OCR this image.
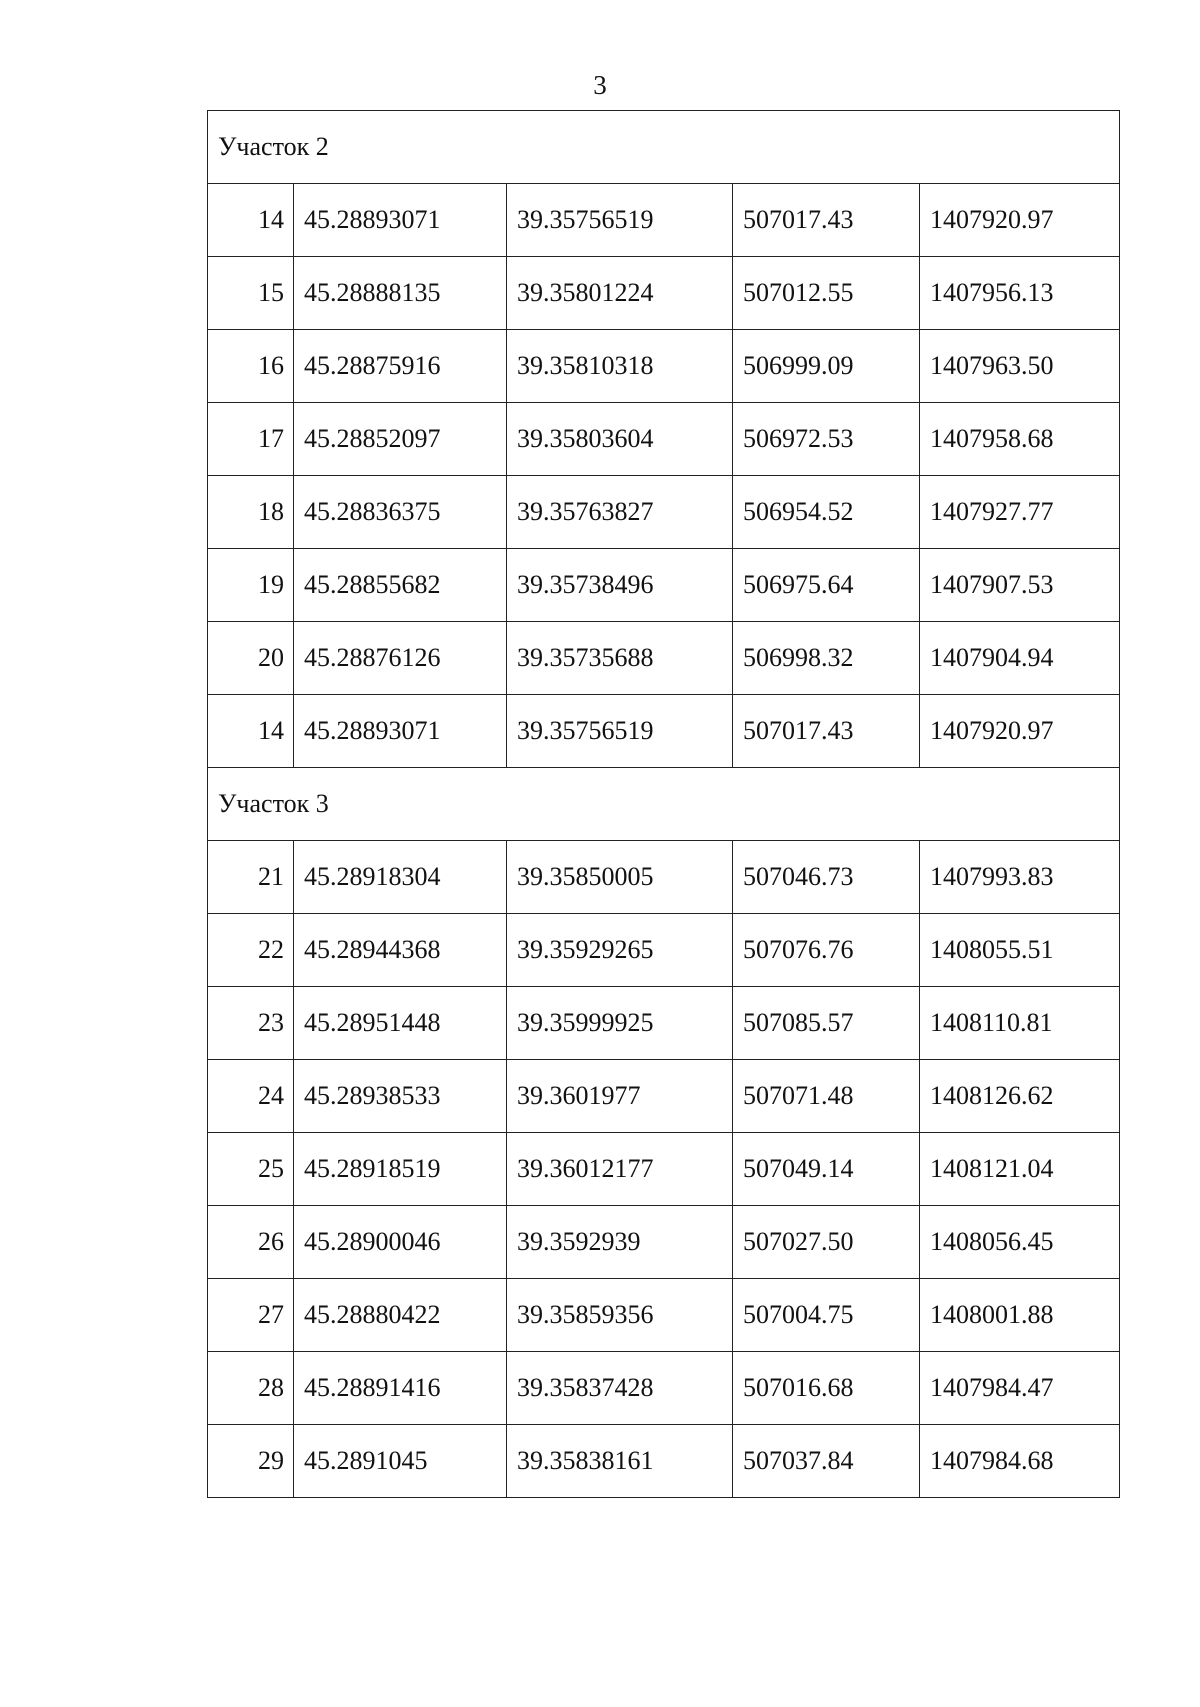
3
Участок 2				
14	45.28893071	39.35756519	507017.43	1407920.97
15	45.28888135	39.35801224	507012.55	1407956.13
16	45.28875916	39.35810318	506999.09	1407963.50
17	45.28852097	39.35803604	506972.53	1407958.68
18	45.28836375	39.35763827	506954.52	1407927.77
19	45.28855682	39.35738496	506975.64	1407907.53
20	45.28876126	39.35735688	506998.32	1407904.94
14	45.28893071	39.35756519	507017.43	1407920.97
Участок 3				
21	45.28918304	39.35850005	507046.73	1407993.83
22	45.28944368	39.35929265	507076.76	1408055.51
23	45.28951448	39.35999925	507085.57	1408110.81
24	45.28938533	39.3601977	507071.48	1408126.62
25	45.28918519	39.36012177	507049.14	1408121.04
26	45.28900046	39.3592939	507027.50	1408056.45
27	45.28880422	39.35859356	507004.75	1408001.88
28	45.28891416	39.35837428	507016.68	1407984.47
29	45.2891045	39.35838161	507037.84	1407984.68
